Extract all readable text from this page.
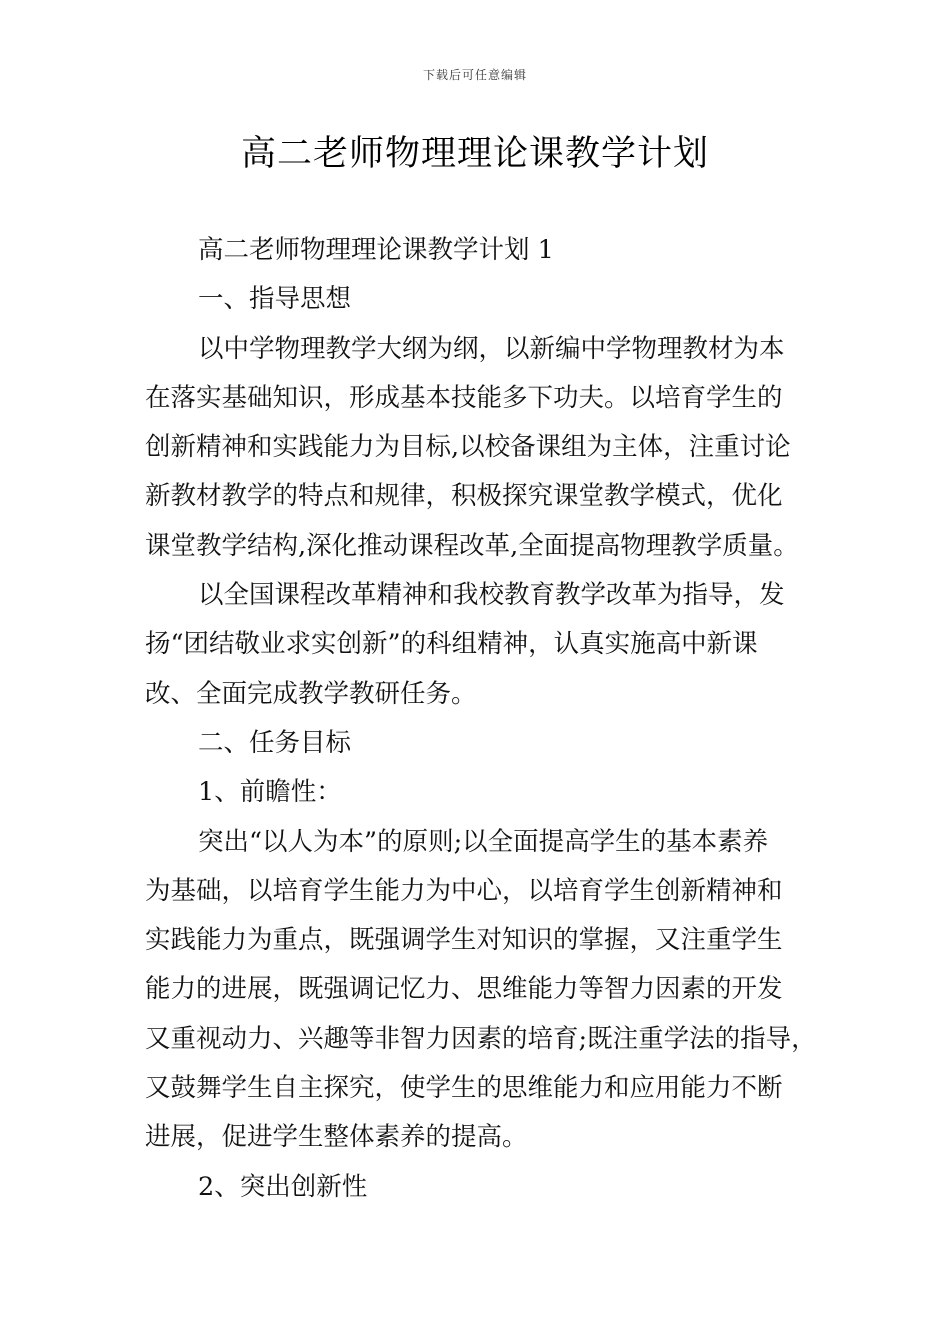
下载后可任意编辑
高二老师物理理论课教学计划
高二老师物理理论课教学计划 1
一、指导思想
以中学物理教学大纲为纲，以新编中学物理教材为本
在落实基础知识，形成基本技能多下功夫。以培育学生的
创新精神和实践能力为目标,以校备课组为主体，注重讨论
新教材教学的特点和规律，积极探究课堂教学模式，优化
课堂教学结构,深化推动课程改革,全面提高物理教学质量。
以全国课程改革精神和我校教育教学改革为指导，发
扬“团结敬业求实创新”的科组精神，认真实施高中新课
改、全面完成教学教研任务。
二、任务目标
1、前瞻性：
突出“以人为本”的原则;以全面提高学生的基本素养
为基础，以培育学生能力为中心，以培育学生创新精神和
实践能力为重点，既强调学生对知识的掌握，又注重学生
能力的进展，既强调记忆力、思维能力等智力因素的开发
又重视动力、兴趣等非智力因素的培育;既注重学法的指导，
又鼓舞学生自主探究，使学生的思维能力和应用能力不断
进展，促进学生整体素养的提高。
2、突出创新性
